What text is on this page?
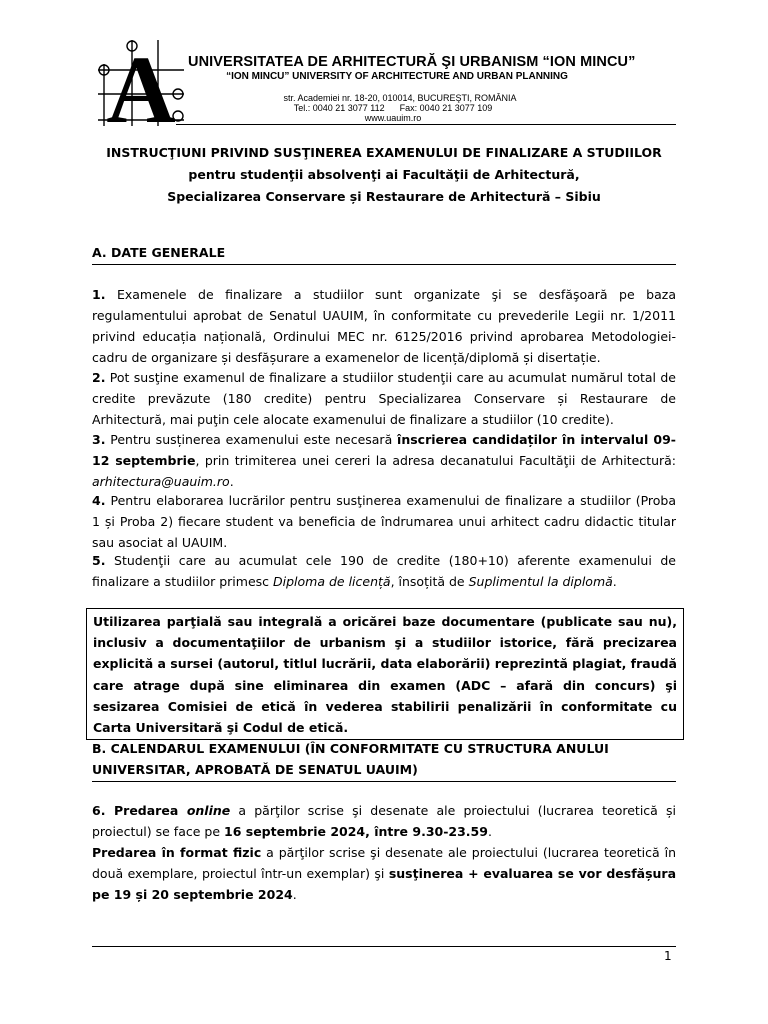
A UNIVERSITATEA DE ARHITECTURĂ ŞI URBANISM “ION MINCU”

“ION MINCU” UNIVERSITY OF ARCHITECTURE AND URBAN PLANNING

str. Academiei nr. 18-20, 010014, BUCUREŞTI, ROMÂNIA

Tel.: 0040 21 3077 112 Fax: 0040 21 3077 109

www.uauim.ro

INSTRUCŢIUNI PRIVIND SUSŢINEREA EXAMENULUI DE FINALIZARE A STUDIILOR

pentru studenţii absolvenţi ai Facultăţii de Arhitectură,

Specializarea Conservare și Restaurare de Arhitectură – Sibiu

A. DATE GENERALE

1. Examenele de finalizare a studiilor sunt organizate şi se desfăşoară pe baza regulamentului aprobat de Senatul UAUIM, în conformitate cu prevederile Legii nr. 1/2011 privind educația națională, Ordinului MEC nr. 6125/2016 privind aprobarea Metodologiei-cadru de organizare și desfășurare a examenelor de licență/diplomă și disertație.

2. Pot susţine examenul de finalizare a studiilor studenţii care au acumulat numărul total de credite prevăzute (180 credite) pentru Specializarea Conservare și Restaurare de Arhitectură, mai puţin cele alocate examenului de finalizare a studiilor (10 credite).

3. Pentru susținerea examenului este necesară înscrierea candidaților în intervalul 09-12 septembrie, prin trimiterea unei cereri la adresa decanatului Facultăţii de Arhitectură: arhitectura@uauim.ro.

4. Pentru elaborarea lucrărilor pentru susţinerea examenului de finalizare a studiilor (Proba 1 și Proba 2) fiecare student va beneficia de îndrumarea unui arhitect cadru didactic titular sau asociat al UAUIM.

5. Studenţii care au acumulat cele 190 de credite (180+10) aferente examenului de finalizare a studiilor primesc Diploma de licență, însoțită de Suplimentul la diplomă.

Utilizarea parţială sau integrală a oricărei baze documentare (publicate sau nu), inclusiv a documentaţiilor de urbanism şi a studiilor istorice, fără precizarea explicită a sursei (autorul, titlul lucrării, data elaborării) reprezintă plagiat, fraudă care atrage după sine eliminarea din examen (ADC – afară din concurs) şi sesizarea Comisiei de etică în vederea stabilirii penalizării în conformitate cu Carta Universitară şi Codul de etică.

B. CALENDARUL EXAMENULUI (ÎN CONFORMITATE CU STRUCTURA ANULUI UNIVERSITAR, APROBATĂ DE SENATUL UAUIM)

6. Predarea online a părţilor scrise şi desenate ale proiectului (lucrarea teoretică și proiectul) se face pe 16 septembrie 2024, între 9.30-23.59.

Predarea în format fizic a părţilor scrise şi desenate ale proiectului (lucrarea teoretică în două exemplare, proiectul într-un exemplar) şi susţinerea + evaluarea se vor desfășura pe 19 și 20 septembrie 2024.

1
